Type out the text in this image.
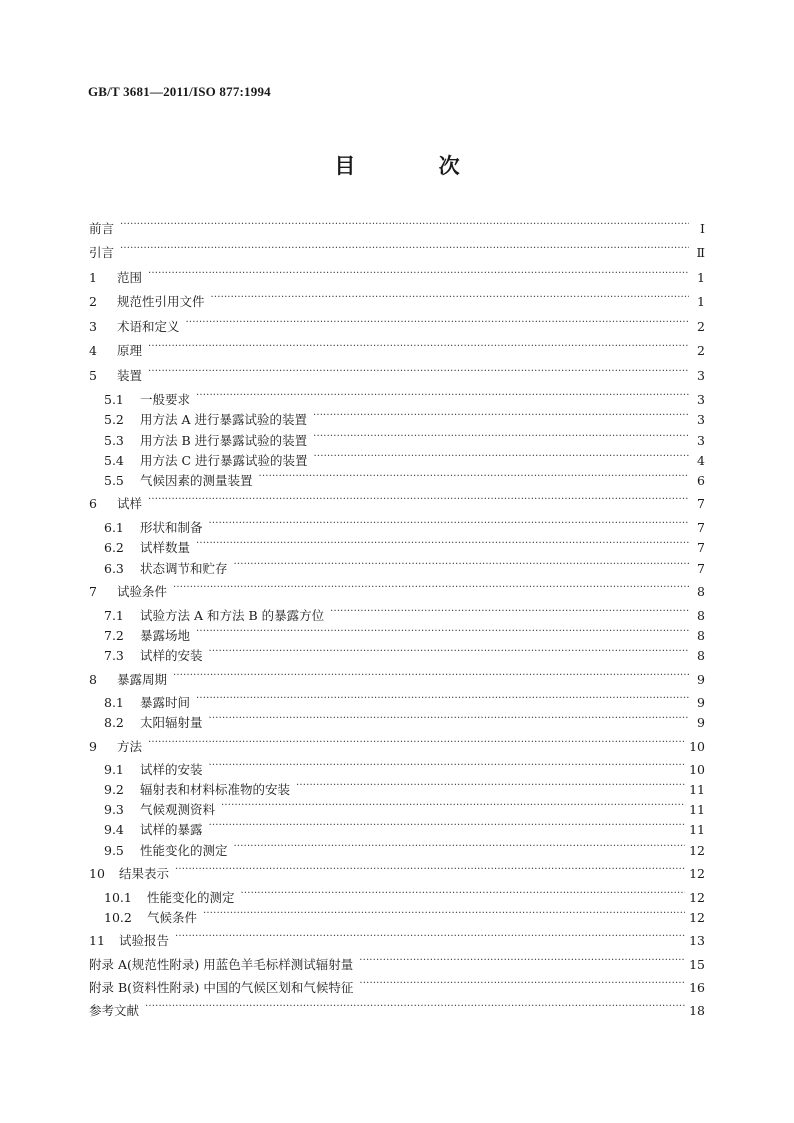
GB/T 3681—2011/ISO 877:1994
目 次
前言 . . .	Ⅰ
引言 . . .	Ⅱ
1	范围 . . .	1
2	规范性引用文件 . . .	1
3	术语和定义 . . .	2
4	原理 . . .	2
5	装置 . . .	3
5.1	一般要求 . . .	3
5.2	用方法 A 进行暴露试验的装置 . . .	3
5.3	用方法 B 进行暴露试验的装置 . . .	3
5.4	用方法 C 进行暴露试验的装置 . . .	4
5.5	气候因素的测量装置 . . .	6
6	试样 . . .	7
6.1	形状和制备 . . .	7
6.2	试样数量 . . .	7
6.3	状态调节和贮存 . . .	7
7	试验条件 . . .	8
7.1	试验方法 A 和方法 B 的暴露方位 . . .	8
7.2	暴露场地 . . .	8
7.3	试样的安装 . . .	8
8	暴露周期 . . .	9
8.1	暴露时间 . . .	9
8.2	太阳辐射量 . . .	9
9	方法 . . .	10
9.1	试样的安装 . . .	10
9.2	辐射表和材料标准物的安装 . . .	11
9.3	气候观测资料 . . .	11
9.4	试样的暴露 . . .	11
9.5	性能变化的测定 . . .	12
10	结果表示 . . .	12
10.1	性能变化的测定 . . .	12
10.2	气候条件 . . .	12
11	试验报告 . . .	13
附录 A(规范性附录) 用蓝色羊毛标样测试辐射量 . . .	15
附录 B(资料性附录) 中国的气候区划和气候特征 . . .	16
参考文献 . . .	18
